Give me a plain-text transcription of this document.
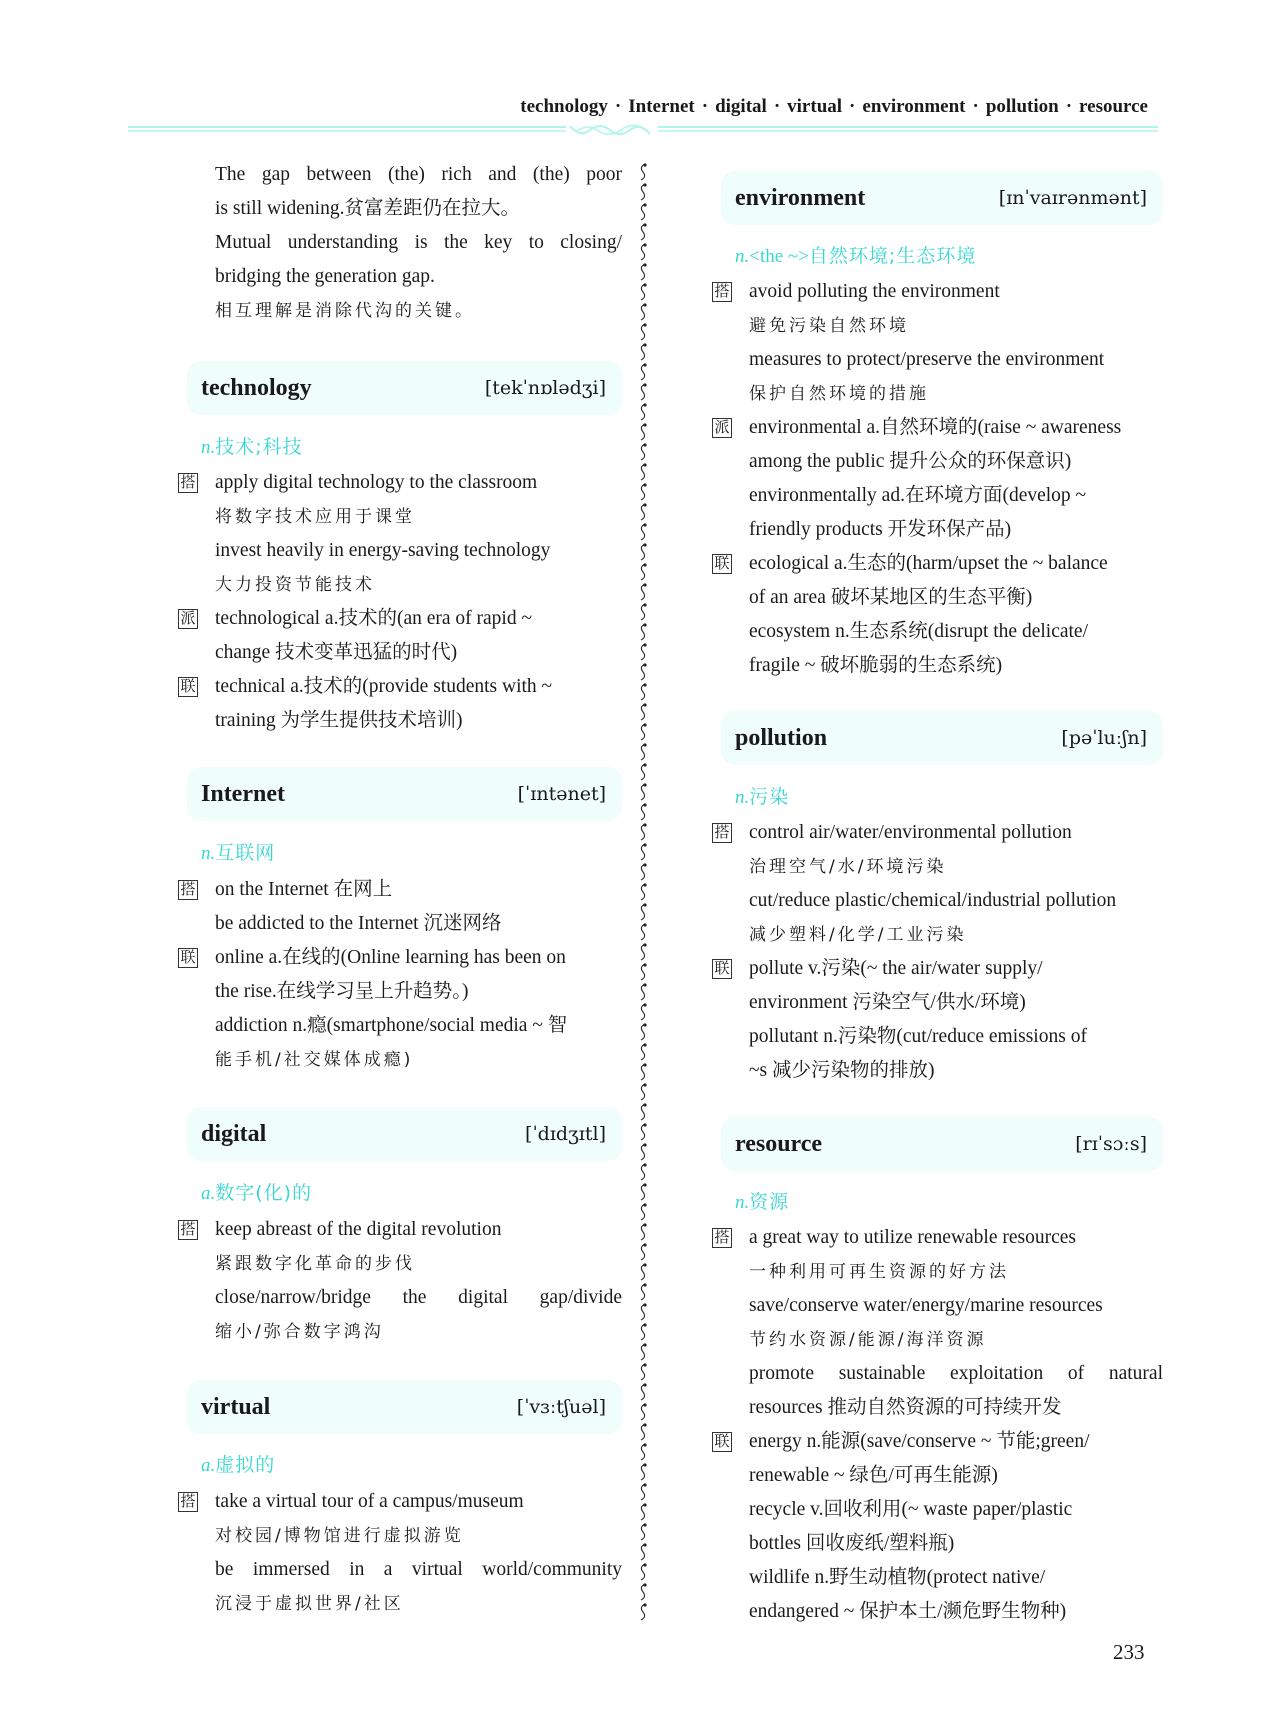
technology · Internet · digital · virtual · environment · pollution · resource
The gap between (the) rich and (the) poor
is still widening.贫富差距仍在拉大。
Mutual understanding is the key to closing/
bridging the generation gap.
相互理解是消除代沟的关键。
technology	[tekˈnɒlədʒi]
n.技术;科技
搭 apply digital technology to the classroom
将数字技术应用于课堂
invest heavily in energy-saving technology
大力投资节能技术
派 technological a.技术的(an era of rapid ~
change 技术变革迅猛的时代)
联 technical a.技术的(provide students with ~
training 为学生提供技术培训)
Internet	[ˈɪntənet]
n.互联网
搭 on the Internet 在网上
be addicted to the Internet 沉迷网络
联 online a.在线的(Online learning has been on
the rise.在线学习呈上升趋势。)
addiction n.瘾(smartphone/social media ~ 智
能手机/社交媒体成瘾)
digital	[ˈdɪdʒɪtl]
a.数字(化)的
搭 keep abreast of the digital revolution
紧跟数字化革命的步伐
close/narrow/bridge the digital gap/divide
缩小/弥合数字鸿沟
virtual	[ˈvɜːtʃuəl]
a.虚拟的
搭 take a virtual tour of a campus/museum
对校园/博物馆进行虚拟游览
be immersed in a virtual world/community
沉浸于虚拟世界/社区
environment	[ɪnˈvaɪrənmənt]
n.<the ~>自然环境;生态环境
搭 avoid polluting the environment
避免污染自然环境
measures to protect/preserve the environment
保护自然环境的措施
派 environmental a.自然环境的(raise ~ awareness
among the public 提升公众的环保意识)
environmentally ad.在环境方面(develop ~
friendly products 开发环保产品)
联 ecological a.生态的(harm/upset the ~ balance
of an area 破坏某地区的生态平衡)
ecosystem n.生态系统(disrupt the delicate/
fragile ~ 破坏脆弱的生态系统)
pollution	[pəˈluːʃn]
n.污染
搭 control air/water/environmental pollution
治理空气/水/环境污染
cut/reduce plastic/chemical/industrial pollution
减少塑料/化学/工业污染
联 pollute v.污染(~ the air/water supply/
environment 污染空气/供水/环境)
pollutant n.污染物(cut/reduce emissions of
~s 减少污染物的排放)
resource	[rɪˈsɔːs]
n.资源
搭 a great way to utilize renewable resources
一种利用可再生资源的好方法
save/conserve water/energy/marine resources
节约水资源/能源/海洋资源
promote sustainable exploitation of natural
resources 推动自然资源的可持续开发
联 energy n.能源(save/conserve ~ 节能;green/
renewable ~ 绿色/可再生能源)
recycle v.回收利用(~ waste paper/plastic
bottles 回收废纸/塑料瓶)
wildlife n.野生动植物(protect native/
endangered ~ 保护本土/濒危野生物种)
233
